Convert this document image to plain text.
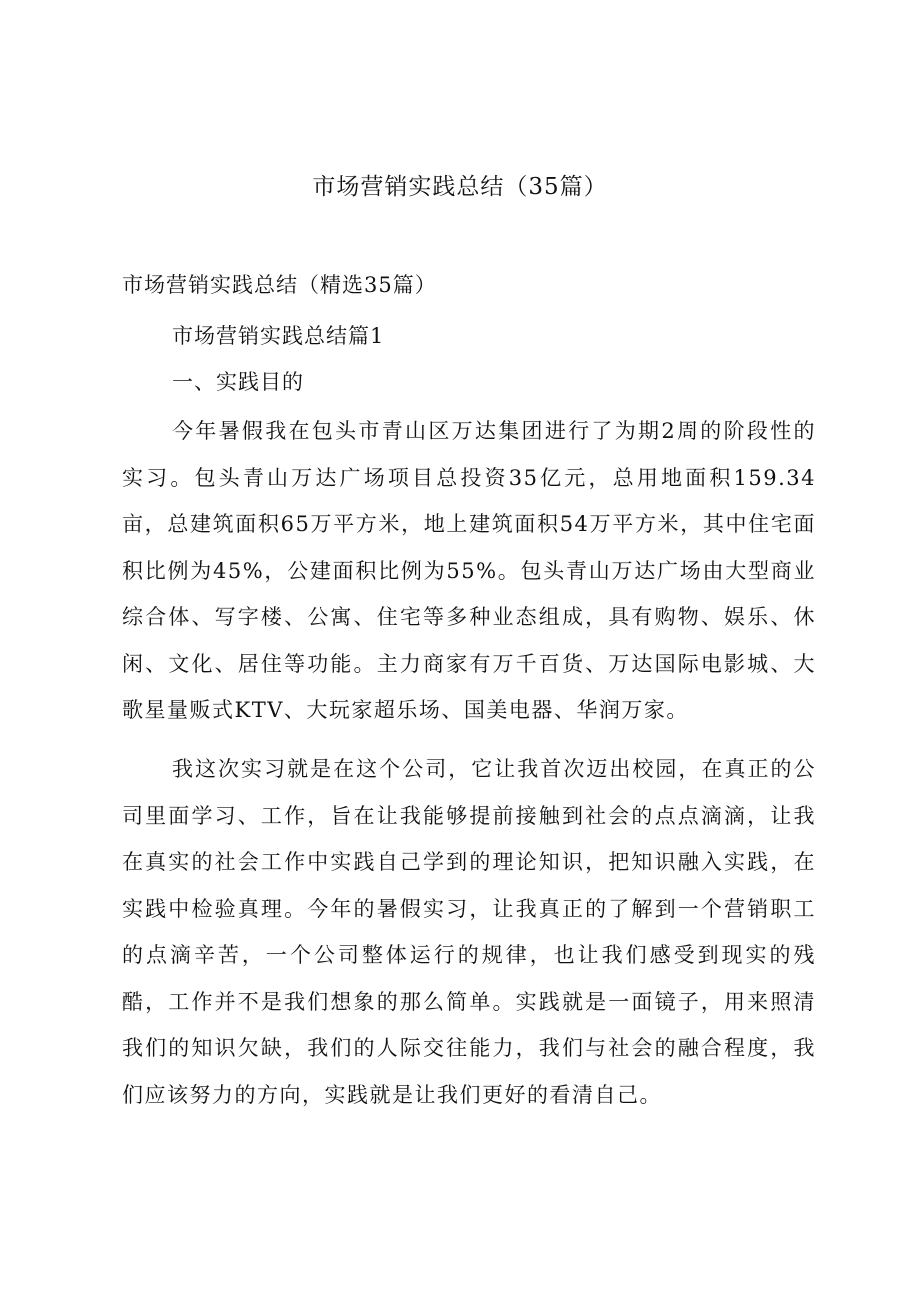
市场营销实践总结（35篇）

市场营销实践总结（精选35篇）

市场营销实践总结篇1

一、实践目的

今年暑假我在包头市青山区万达集团进行了为期2周的阶段性的实习。包头青山万达广场项目总投资35亿元，总用地面积159.34亩，总建筑面积65万平方米，地上建筑面积54万平方米，其中住宅面积比例为45%，公建面积比例为55%。包头青山万达广场由大型商业综合体、写字楼、公寓、住宅等多种业态组成，具有购物、娱乐、休闲、文化、居住等功能。主力商家有万千百货、万达国际电影城、大歌星量贩式KTV、大玩家超乐场、国美电器、华润万家。

我这次实习就是在这个公司，它让我首次迈出校园，在真正的公司里面学习、工作，旨在让我能够提前接触到社会的点点滴滴，让我在真实的社会工作中实践自己学到的理论知识，把知识融入实践，在实践中检验真理。今年的暑假实习，让我真正的了解到一个营销职工的点滴辛苦，一个公司整体运行的规律，也让我们感受到现实的残酷，工作并不是我们想象的那么简单。实践就是一面镜子，用来照清我们的知识欠缺，我们的人际交往能力，我们与社会的融合程度，我们应该努力的方向，实践就是让我们更好的看清自己。
